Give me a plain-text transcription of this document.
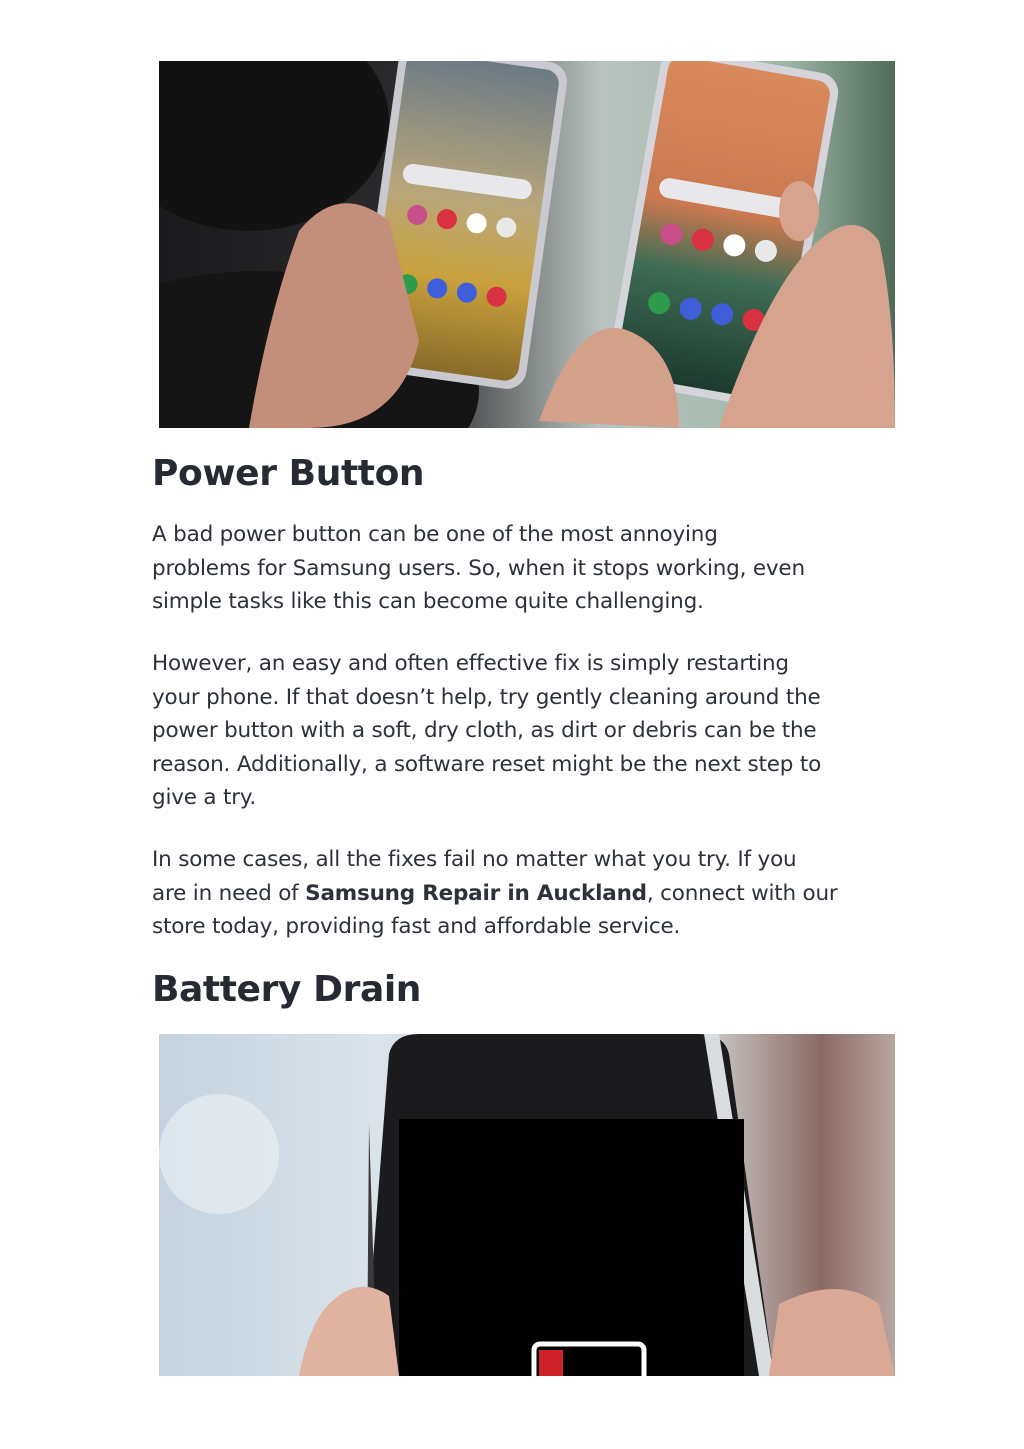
Power Button

A bad power button can be one of the most annoying
problems for Samsung users. So, when it stops working, even
simple tasks like this can become quite challenging.

However, an easy and often effective fix is simply restarting
your phone. If that doesn’t help, try gently cleaning around the
power button with a soft, dry cloth, as dirt or debris can be the
reason. Additionally, a software reset might be the next step to
give a try.

In some cases, all the fixes fail no matter what you try. If you
are in need of Samsung Repair in Auckland, connect with our
store today, providing fast and affordable service.

Battery Drain
